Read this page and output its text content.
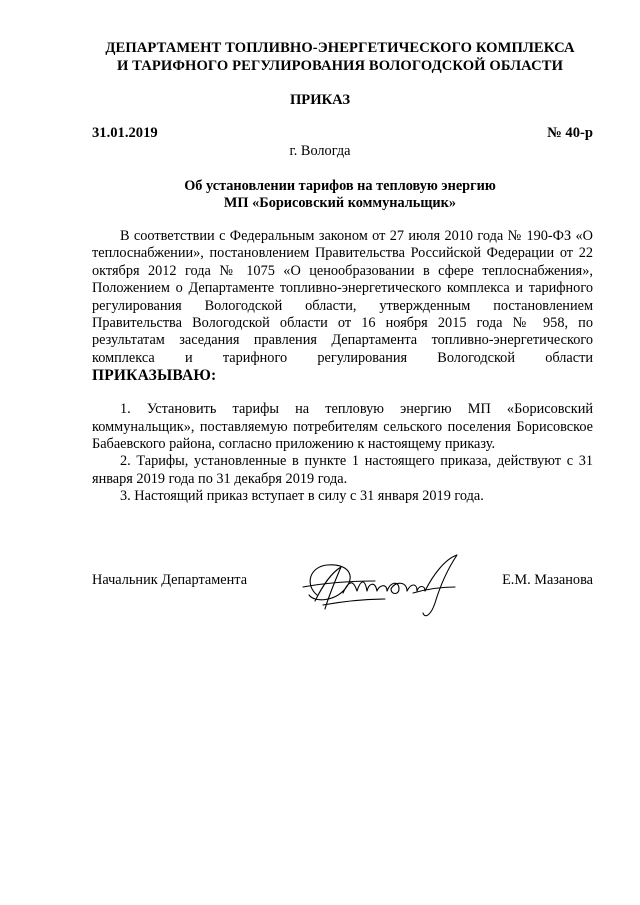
ДЕПАРТАМЕНТ ТОПЛИВНО-ЭНЕРГЕТИЧЕСКОГО КОМПЛЕКСА
И ТАРИФНОГО РЕГУЛИРОВАНИЯ ВОЛОГОДСКОЙ ОБЛАСТИ
ПРИКАЗ
31.01.2019	№ 40-р
г. Вологда
Об установлении тарифов на тепловую энергию
МП «Борисовский коммунальщик»

В соответствии с Федеральным законом от 27 июля 2010 года № 190-ФЗ «О теплоснабжении», постановлением Правительства Российской Федерации от 22 октября 2012 года № 1075 «О ценообразовании в сфере теплоснабжения», Положением о Департаменте топливно-энергетического комплекса и тарифного регулирования Вологодской области, утвержденным постановлением Правительства Вологодской области от 16 ноября 2015 года № 958, по результатам заседания правления Департамента топливно-энергетического комплекса и тарифного регулирования Вологодской области

ПРИКАЗЫВАЮ:

1. Установить тарифы на тепловую энергию МП «Борисовский коммунальщик», поставляемую потребителям сельского поселения Борисовское Бабаевского района, согласно приложению к настоящему приказу.

2. Тарифы, установленные в пункте 1 настоящего приказа, действуют с 31 января 2019 года по 31 декабря 2019 года.

3. Настоящий приказ вступает в силу с 31 января 2019 года.

Начальник Департамента	Е.М. Мазанова
